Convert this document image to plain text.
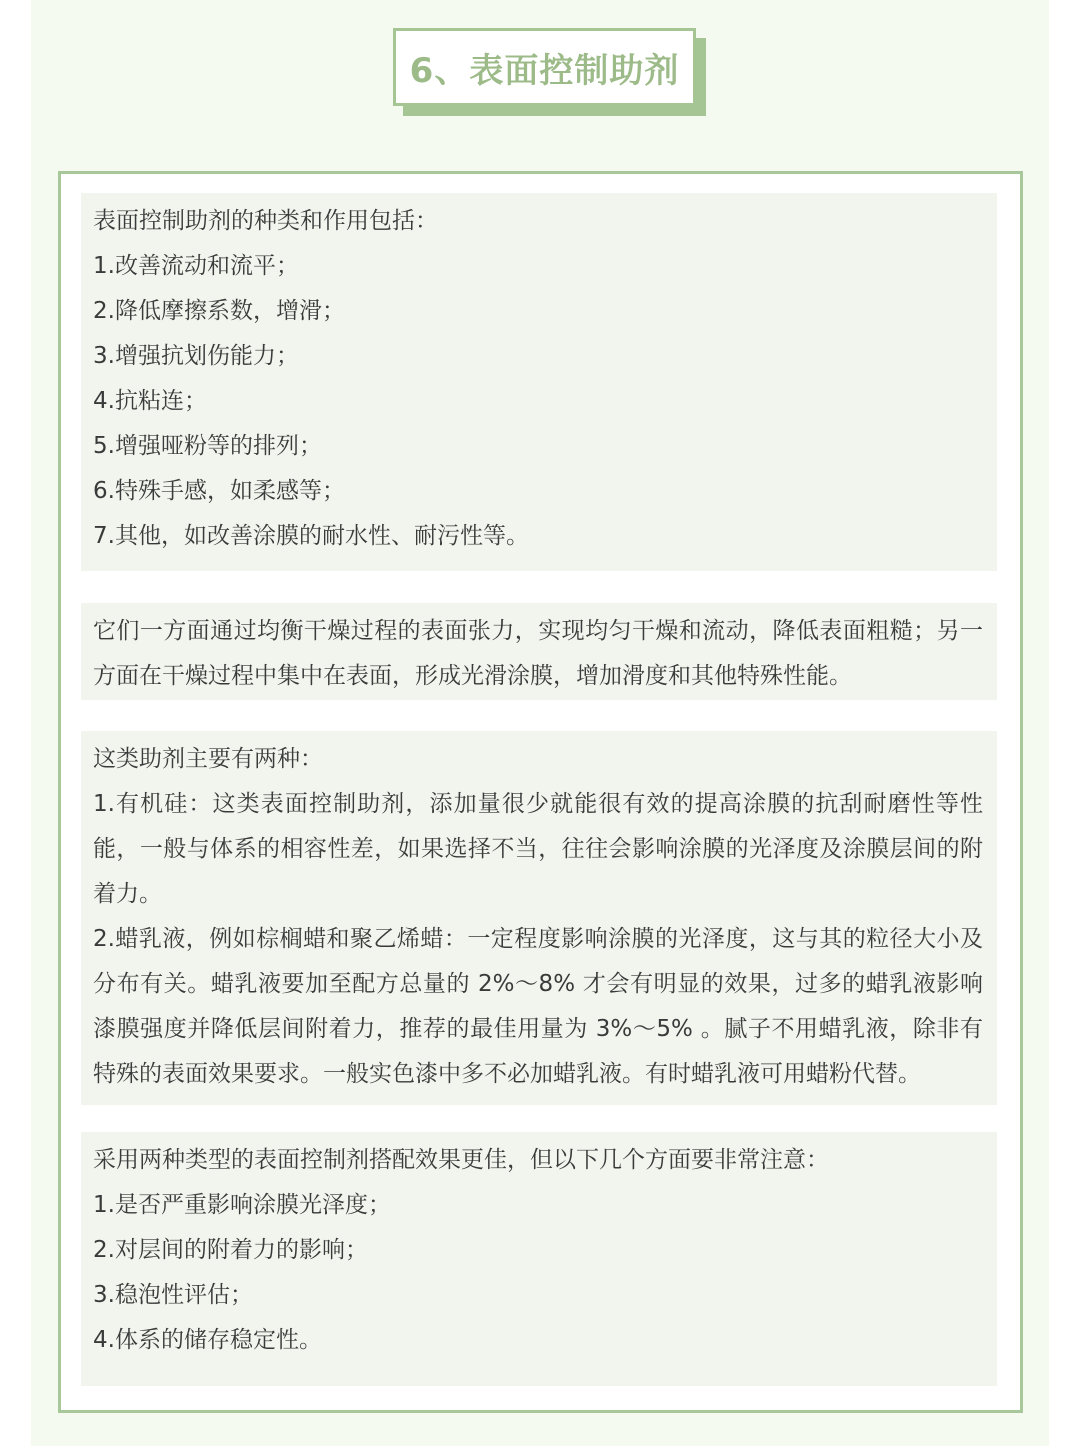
6、表面控制助剂
表面控制助剂的种类和作用包括：
1.改善流动和流平；
2.降低摩擦系数，增滑；
3.增强抗划伤能力；
4.抗粘连；
5.增强哑粉等的排列；
6.特殊手感，如柔感等；
7.其他，如改善涂膜的耐水性、耐污性等。
它们一方面通过均衡干燥过程的表面张力，实现均匀干燥和流动，降低表面粗糙；另一方面在干燥过程中集中在表面，形成光滑涂膜，增加滑度和其他特殊性能。
这类助剂主要有两种：
1.有机硅：这类表面控制助剂，添加量很少就能很有效的提高涂膜的抗刮耐磨性等性能，一般与体系的相容性差，如果选择不当，往往会影响涂膜的光泽度及涂膜层间的附着力。
2.蜡乳液，例如棕榈蜡和聚乙烯蜡：一定程度影响涂膜的光泽度，这与其的粒径大小及分布有关。蜡乳液要加至配方总量的 2%～8% 才会有明显的效果，过多的蜡乳液影响漆膜强度并降低层间附着力，推荐的最佳用量为 3%～5% 。腻子不用蜡乳液，除非有特殊的表面效果要求。一般实色漆中多不必加蜡乳液。有时蜡乳液可用蜡粉代替。
采用两种类型的表面控制剂搭配效果更佳，但以下几个方面要非常注意：
1.是否严重影响涂膜光泽度；
2.对层间的附着力的影响；
3.稳泡性评估；
4.体系的储存稳定性。
